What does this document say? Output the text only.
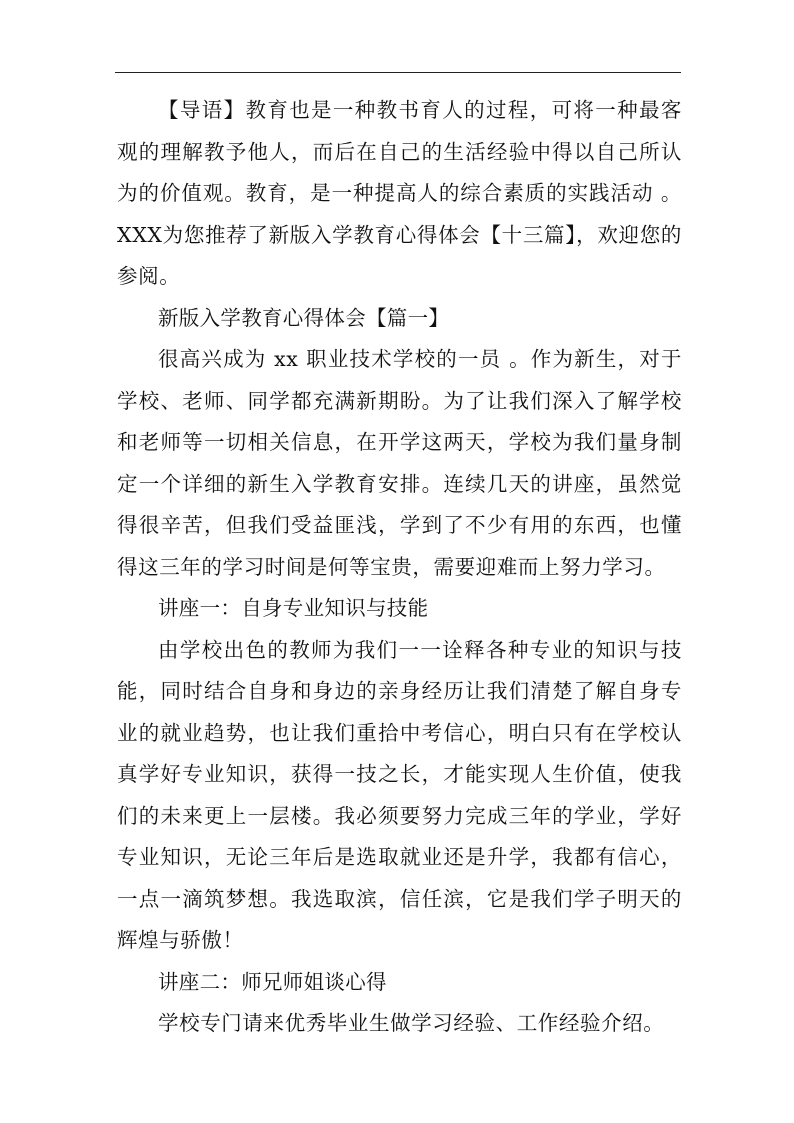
【导语】教育也是一种教书育人的过程，可将一种最客观的理解教予他人，而后在自己的生活经验中得以自己所认为的价值观。教育，是一种提高人的综合素质的实践活动 。XXX为您推荐了新版入学教育心得体会【十三篇】，欢迎您的参阅。

新版入学教育心得体会【篇一】

很高兴成为 xx 职业技术学校的一员 。作为新生，对于学校、老师、同学都充满新期盼。为了让我们深入了解学校和老师等一切相关信息，在开学这两天，学校为我们量身制定一个详细的新生入学教育安排。连续几天的讲座，虽然觉得很辛苦，但我们受益匪浅，学到了不少有用的东西，也懂得这三年的学习时间是何等宝贵，需要迎难而上努力学习。

讲座一：自身专业知识与技能

由学校出色的教师为我们一一诠释各种专业的知识与技能，同时结合自身和身边的亲身经历让我们清楚了解自身专业的就业趋势，也让我们重拾中考信心，明白只有在学校认真学好专业知识，获得一技之长，才能实现人生价值，使我们的未来更上一层楼。我必须要努力完成三年的学业，学好专业知识，无论三年后是选取就业还是升学，我都有信心，一点一滴筑梦想。我选取滨，信任滨，它是我们学子明天的辉煌与骄傲！

讲座二：师兄师姐谈心得

学校专门请来优秀毕业生做学习经验、工作经验介绍。
